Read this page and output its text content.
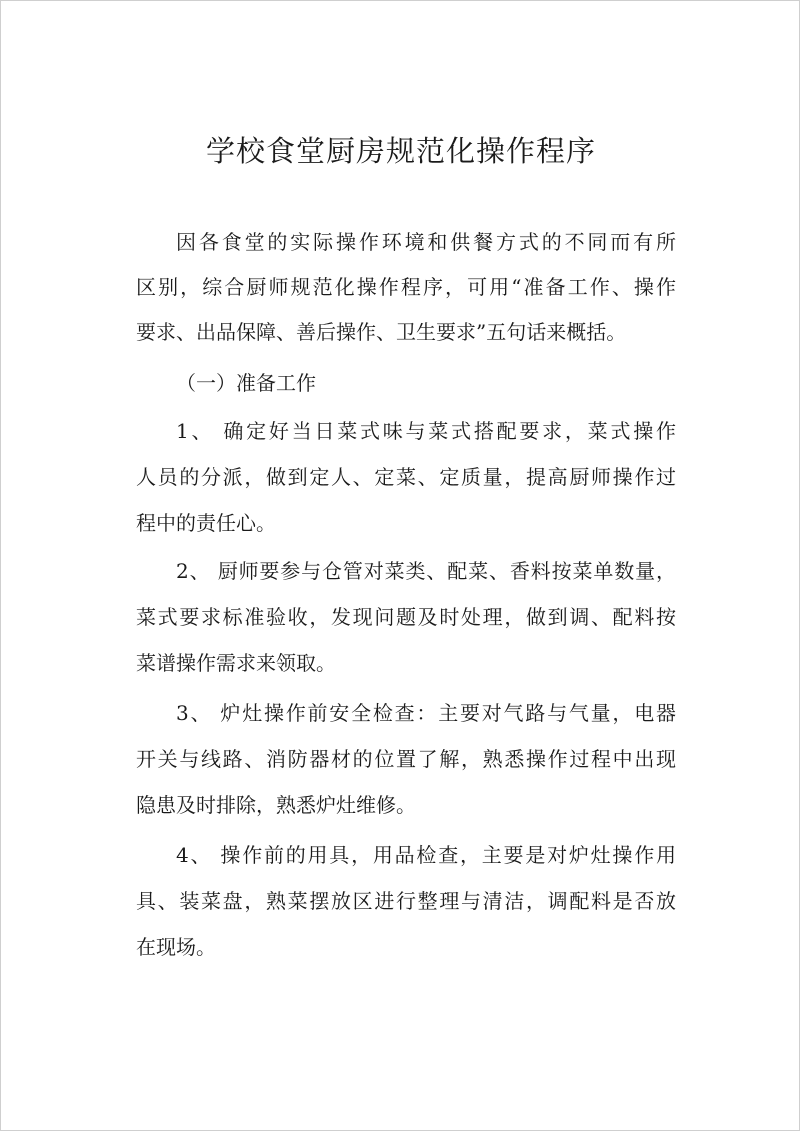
学校食堂厨房规范化操作程序
因各食堂的实际操作环境和供餐方式的不同而有所
区别，综合厨师规范化操作程序，可用“准备工作、操作
要求、出品保障、善后操作、卫生要求”五句话来概括。
（一）准备工作
1、 确定好当日菜式味与菜式搭配要求，菜式操作
人员的分派，做到定人、定菜、定质量，提高厨师操作过
程中的责任心。
2、 厨师要参与仓管对菜类、配菜、香料按菜单数量，
菜式要求标准验收，发现问题及时处理，做到调、配料按
菜谱操作需求来领取。
3、 炉灶操作前安全检查：主要对气路与气量，电器
开关与线路、消防器材的位置了解，熟悉操作过程中出现
隐患及时排除，熟悉炉灶维修。
4、 操作前的用具，用品检查，主要是对炉灶操作用
具、装菜盘，熟菜摆放区进行整理与清洁，调配料是否放
在现场。
